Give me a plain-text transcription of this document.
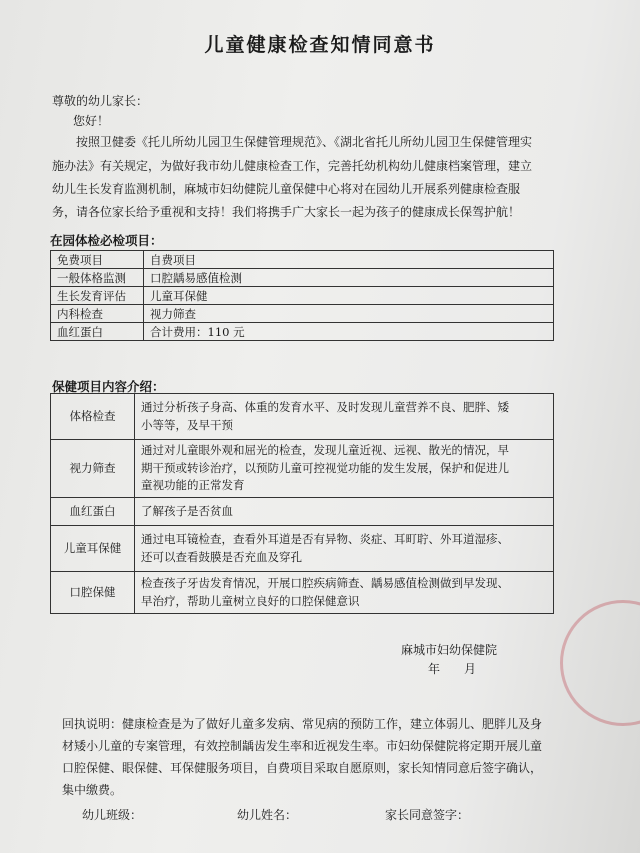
儿童健康检查知情同意书
尊敬的幼儿家长：
您好！
按照卫健委《托儿所幼儿园卫生保健管理规范》、《湖北省托儿所幼儿园卫生保健管理实
施办法》有关规定，为做好我市幼儿健康检查工作，完善托幼机构幼儿健康档案管理，建立
幼儿生长发育监测机制，麻城市妇幼健院儿童保健中心将对在园幼儿开展系列健康检查服
务，请各位家长给予重视和支持！我们将携手广大家长一起为孩子的健康成长保驾护航！
在园体检必检项目：
免费项目	自费项目
一般体格监测	口腔龋易感值检测
生长发育评估	儿童耳保健
内科检查	视力筛查
血红蛋白	合计费用：110 元
保健项目内容介绍：
体格检查	通过分析孩子身高、体重的发育水平、及时发现儿童营养不良、肥胖、矮
小等等，及早干预

视力筛查	通过对儿童眼外观和屈光的检查，发现儿童近视、远视、散光的情况，早
期干预或转诊治疗，以预防儿童可控视觉功能的发生发展，保护和促进儿
童视功能的正常发育

血红蛋白	了解孩子是否贫血

儿童耳保健	通过电耳镜检查，查看外耳道是否有异物、炎症、耳町聍、外耳道湿疹、
还可以查看鼓膜是否充血及穿孔

口腔保健	检查孩子牙齿发育情况，开展口腔疾病筛查、龋易感值检测做到早发现、
早治疗，帮助儿童树立良好的口腔保健意识
麻城市妇幼保健院
年　　月
回执说明：健康检查是为了做好儿童多发病、常见病的预防工作，建立体弱儿、肥胖儿及身
材矮小儿童的专案管理，有效控制龋齿发生率和近视发生率。市妇幼保健院将定期开展儿童
口腔保健、眼保健、耳保健服务项目，自费项目采取自愿原则，家长知情同意后签字确认，
集中缴费。
幼儿班级：	幼儿姓名：	家长同意签字：
